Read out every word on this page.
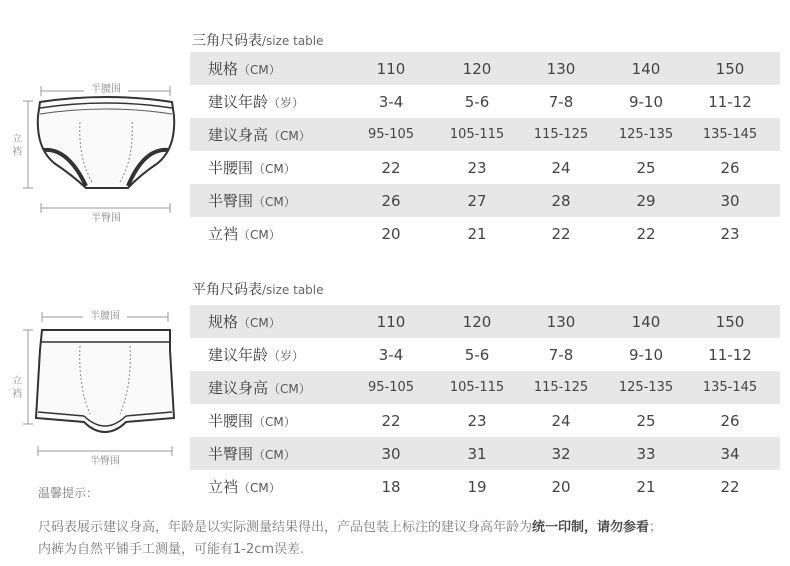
三角尺码表/size table
半腰围
立
裆
半臀围
规格（CM）	110	120	130	140	150
建议年龄（岁）	3-4	5-6	7-8	9-10	11-12
建议身高（CM）	95-105	105-115	115-125	125-135	135-145
半腰围（CM）	22	23	24	25	26
半臀围（CM）	26	27	28	29	30
立裆（CM）	20	21	22	22	23
平角尺码表/size table
半腰围
立
裆
半臀围
规格（CM）	110	120	130	140	150
建议年龄（岁）	3-4	5-6	7-8	9-10	11-12
建议身高（CM）	95-105	105-115	115-125	125-135	135-145
半腰围（CM）	22	23	24	25	26
半臀围（CM）	30	31	32	33	34
立裆（CM）	18	19	20	21	22
温馨提示：
尺码表展示建议身高，年龄是以实际测量结果得出，产品包装上标注的建议身高年龄为统一印制，请勿参看；
内裤为自然平铺手工测量，可能有1-2cm误差.
